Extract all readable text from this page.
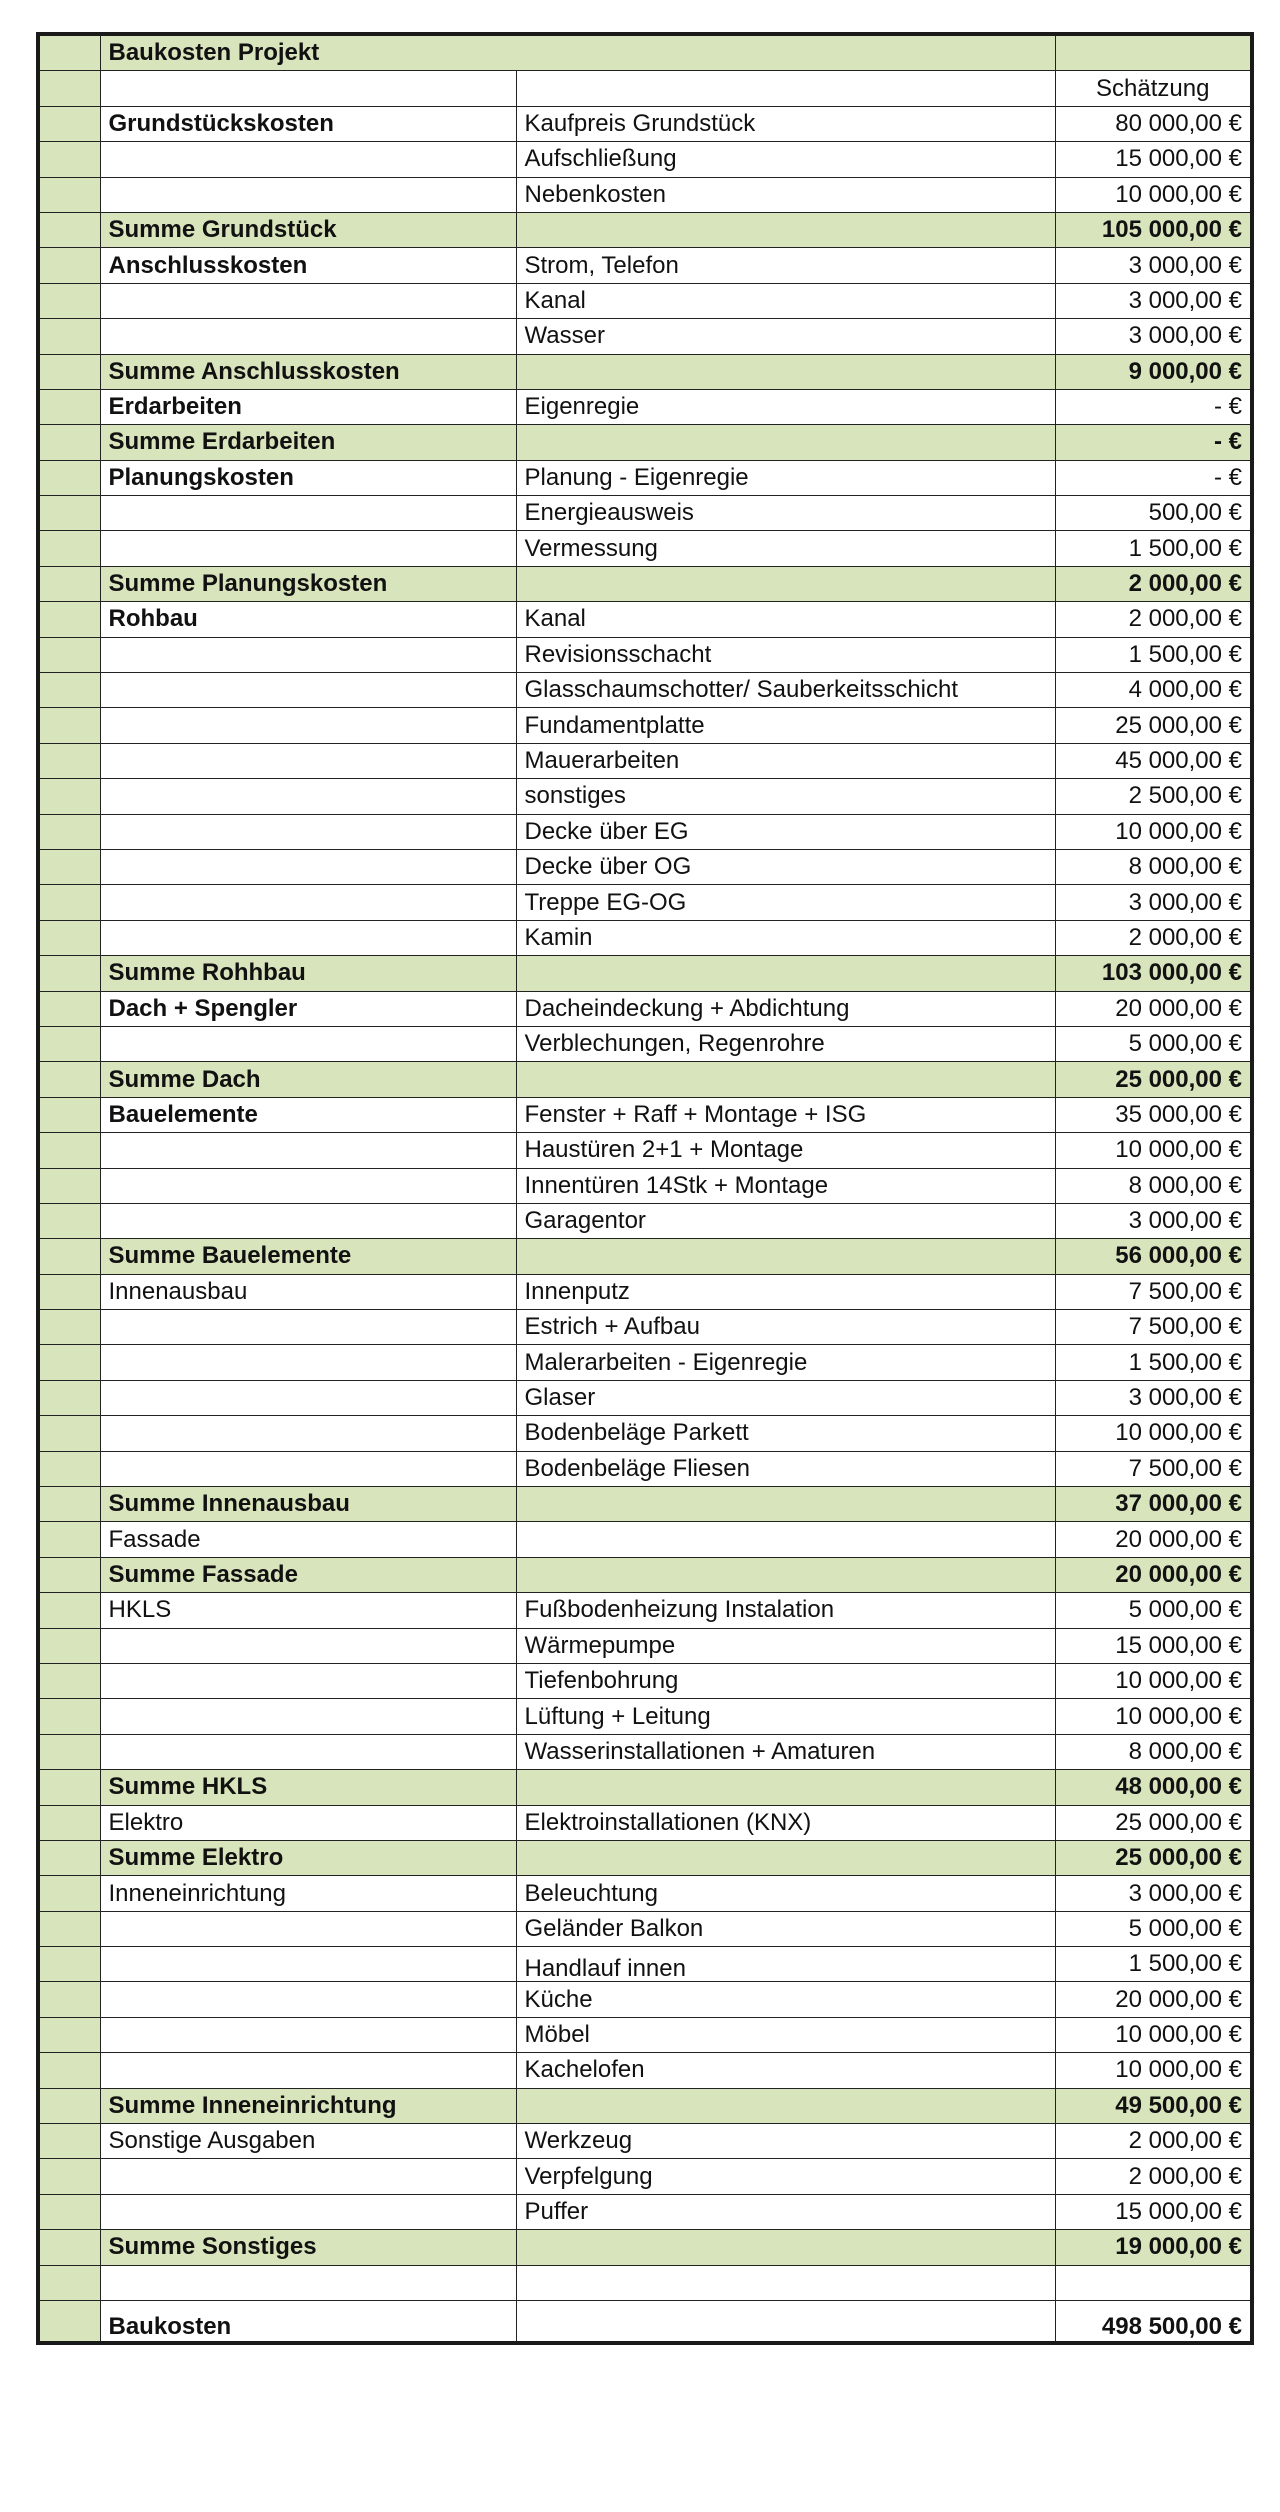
	Baukosten Projekt		
			Schätzung
	Grundstückskosten	Kaufpreis Grundstück	80 000,00 €
		Aufschließung	15 000,00 €
		Nebenkosten	10 000,00 €
	Summe Grundstück		105 000,00 €
	Anschlusskosten	Strom, Telefon	3 000,00 €
		Kanal	3 000,00 €
		Wasser	3 000,00 €
	Summe Anschlusskosten		9 000,00 €
	Erdarbeiten	Eigenregie	- €
	Summe Erdarbeiten		- €
	Planungskosten	Planung - Eigenregie	- €
		Energieausweis	500,00 €
		Vermessung	1 500,00 €
	Summe Planungskosten		2 000,00 €
	Rohbau	Kanal	2 000,00 €
		Revisionsschacht	1 500,00 €
		Glasschaumschotter/ Sauberkeitsschicht	4 000,00 €
		Fundamentplatte	25 000,00 €
		Mauerarbeiten	45 000,00 €
		sonstiges	2 500,00 €
		Decke über EG	10 000,00 €
		Decke über OG	8 000,00 €
		Treppe EG-OG	3 000,00 €
		Kamin	2 000,00 €
	Summe Rohhbau		103 000,00 €
	Dach + Spengler	Dacheindeckung + Abdichtung	20 000,00 €
		Verblechungen, Regenrohre	5 000,00 €
	Summe Dach		25 000,00 €
	Bauelemente	Fenster + Raff + Montage + ISG	35 000,00 €
		Haustüren 2+1 + Montage	10 000,00 €
		Innentüren 14Stk + Montage	8 000,00 €
		Garagentor	3 000,00 €
	Summe Bauelemente		56 000,00 €
	Innenausbau	Innenputz	7 500,00 €
		Estrich + Aufbau	7 500,00 €
		Malerarbeiten - Eigenregie	1 500,00 €
		Glaser	3 000,00 €
		Bodenbeläge Parkett	10 000,00 €
		Bodenbeläge Fliesen	7 500,00 €
	Summe Innenausbau		37 000,00 €
	Fassade		20 000,00 €
	Summe Fassade		20 000,00 €
	HKLS	Fußbodenheizung Instalation	5 000,00 €
		Wärmepumpe	15 000,00 €
		Tiefenbohrung	10 000,00 €
		Lüftung + Leitung	10 000,00 €
		Wasserinstallationen + Amaturen	8 000,00 €
	Summe HKLS		48 000,00 €
	Elektro	Elektroinstallationen (KNX)	25 000,00 €
	Summe Elektro		25 000,00 €
	Inneneinrichtung	Beleuchtung	3 000,00 €
		Geländer Balkon	5 000,00 €
		Handlauf innen	1 500,00 €
		Küche	20 000,00 €
		Möbel	10 000,00 €
		Kachelofen	10 000,00 €
	Summe Inneneinrichtung		49 500,00 €
	Sonstige Ausgaben	Werkzeug	2 000,00 €
		Verpfelgung	2 000,00 €
		Puffer	15 000,00 €
	Summe Sonstiges		19 000,00 €

	Baukosten		498 500,00 €
